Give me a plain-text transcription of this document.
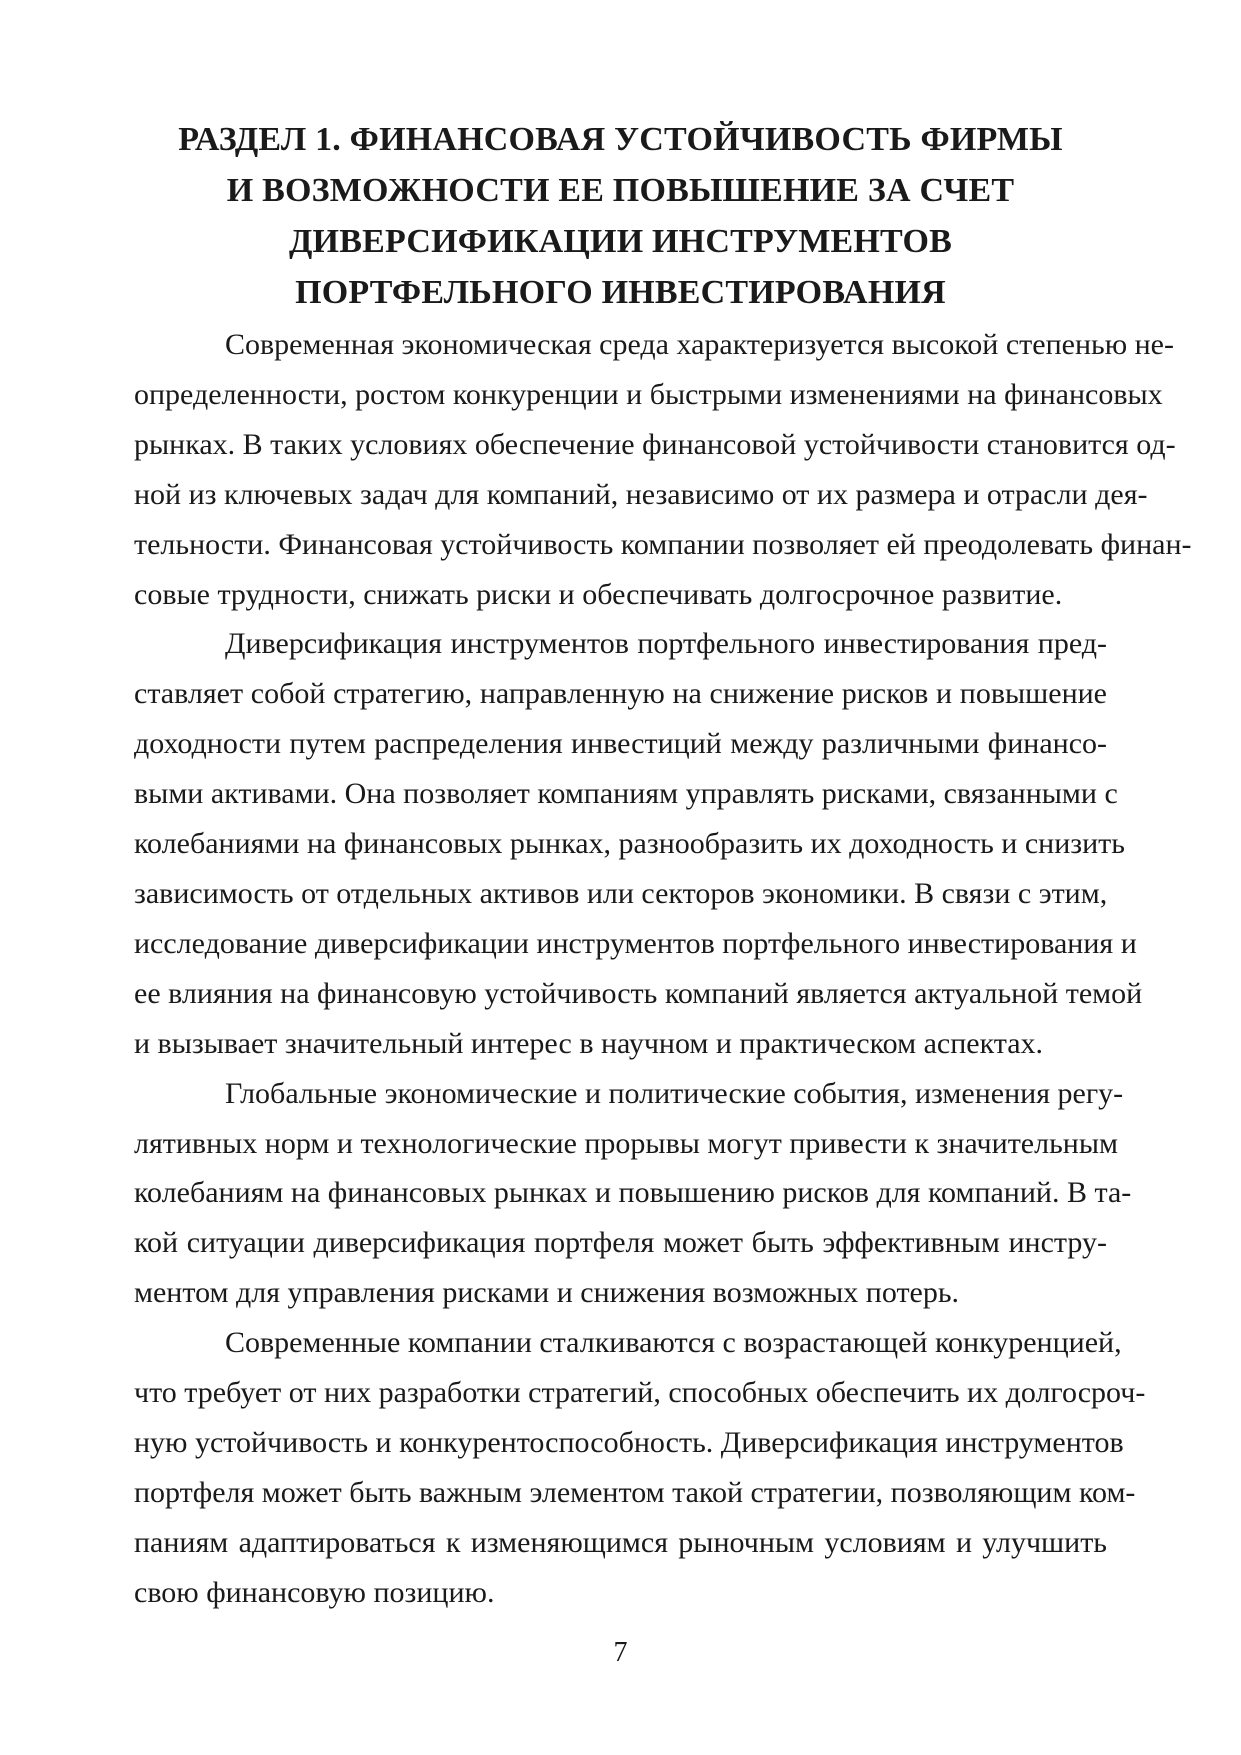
РАЗДЕЛ 1. ФИНАНСОВАЯ УСТОЙЧИВОСТЬ ФИРМЫ
И ВОЗМОЖНОСТИ ЕЕ ПОВЫШЕНИЕ ЗА СЧЕТ
ДИВЕРСИФИКАЦИИ ИНСТРУМЕНТОВ
ПОРТФЕЛЬНОГО ИНВЕСТИРОВАНИЯ

Современная экономическая среда характеризуется высокой степенью не-
определенности, ростом конкуренции и быстрыми изменениями на финансовых
рынках. В таких условиях обеспечение финансовой устойчивости становится од-
ной из ключевых задач для компаний, независимо от их размера и отрасли дея-
тельности. Финансовая устойчивость компании позволяет ей преодолевать финан-
совые трудности, снижать риски и обеспечивать долгосрочное развитие.

Диверсификация инструментов портфельного инвестирования пред-
ставляет собой стратегию, направленную на снижение рисков и повышение
доходности путем распределения инвестиций между различными финансо-
выми активами. Она позволяет компаниям управлять рисками, связанными с
колебаниями на финансовых рынках, разнообразить их доходность и снизить
зависимость от отдельных активов или секторов экономики. В связи с этим,
исследование диверсификации инструментов портфельного инвестирования и
ее влияния на финансовую устойчивость компаний является актуальной темой
и вызывает значительный интерес в научном и практическом аспектах.

Глобальные экономические и политические события, изменения регу-
лятивных норм и технологические прорывы могут привести к значительным
колебаниям на финансовых рынках и повышению рисков для компаний. В та-
кой ситуации диверсификация портфеля может быть эффективным инстру-
ментом для управления рисками и снижения возможных потерь.

Современные компании сталкиваются с возрастающей конкуренцией,
что требует от них разработки стратегий, способных обеспечить их долгосроч-
ную устойчивость и конкурентоспособность. Диверсификация инструментов
портфеля может быть важным элементом такой стратегии, позволяющим ком-
паниям адаптироваться к изменяющимся рыночным условиям и улучшить
свою финансовую позицию.

7
